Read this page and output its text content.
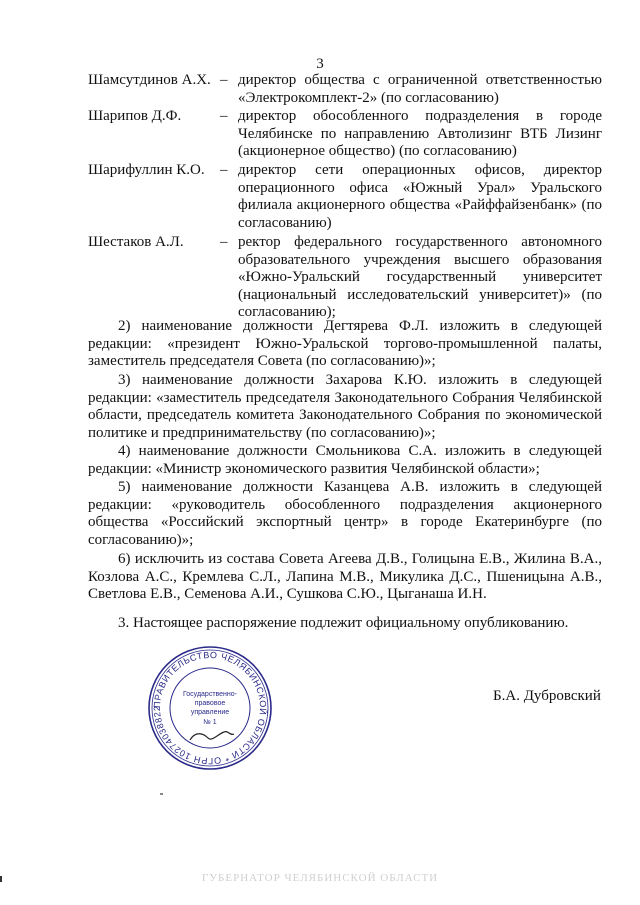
3
Шамсутдинов А.Х. – директор общества с ограниченной ответственностью «Электрокомплект-2» (по согласованию)
Шарипов Д.Ф.	– директор обособленного подразделения в городе Челябинске по направлению Автолизинг ВТБ Лизинг (акционерное общество) (по согласованию)
Шарифуллин К.О.	– директор сети операционных офисов, директор операционного офиса «Южный Урал» Уральского филиала акционерного общества «Райффайзенбанк» (по согласованию)
Шестаков А.Л.	– ректор федерального государственного автономного образовательного учреждения высшего образования «Южно-Уральский государственный университет (национальный исследовательский университет)» (по согласованию);
2) наименование должности Дегтярева Ф.Л. изложить в следующей редакции: «президент Южно-Уральской торгово-промышленной палаты, заместитель председателя Совета (по согласованию)»;
3) наименование должности Захарова К.Ю. изложить в следующей редакции: «заместитель председателя Законодательного Собрания Челябинской области, председатель комитета Законодательного Собрания по экономической политике и предпринимательству (по согласованию)»;
4) наименование должности Смольникова С.А. изложить в следующей редакции: «Министр экономического развития Челябинской области»;
5) наименование должности Казанцева А.В. изложить в следующей редакции: «руководитель обособленного подразделения акционерного общества «Российский экспортный центр» в городе Екатеринбурге (по согласованию)»;
6) исключить из состава Совета Агеева Д.В., Голицына Е.В., Жилина В.А., Козлова А.С., Кремлева С.Л., Лапина М.В., Микулика Д.С., Пшеницына А.В., Светлова Е.В., Семенова А.И., Сушкова С.Ю., Цыганаша И.Н.
3. Настоящее распоряжение подлежит официальному опубликованию.
ПРАВИТЕЛЬСТВО ЧЕЛЯБИНСКОЙ ОБЛАСТИ * ОГРН 10274038822
Государственно-
правовое
управление
№ 1
Б.А. Дубровский
ГУБЕРНАТОР ЧЕЛЯБИНСКОЙ ОБЛАСТИ
